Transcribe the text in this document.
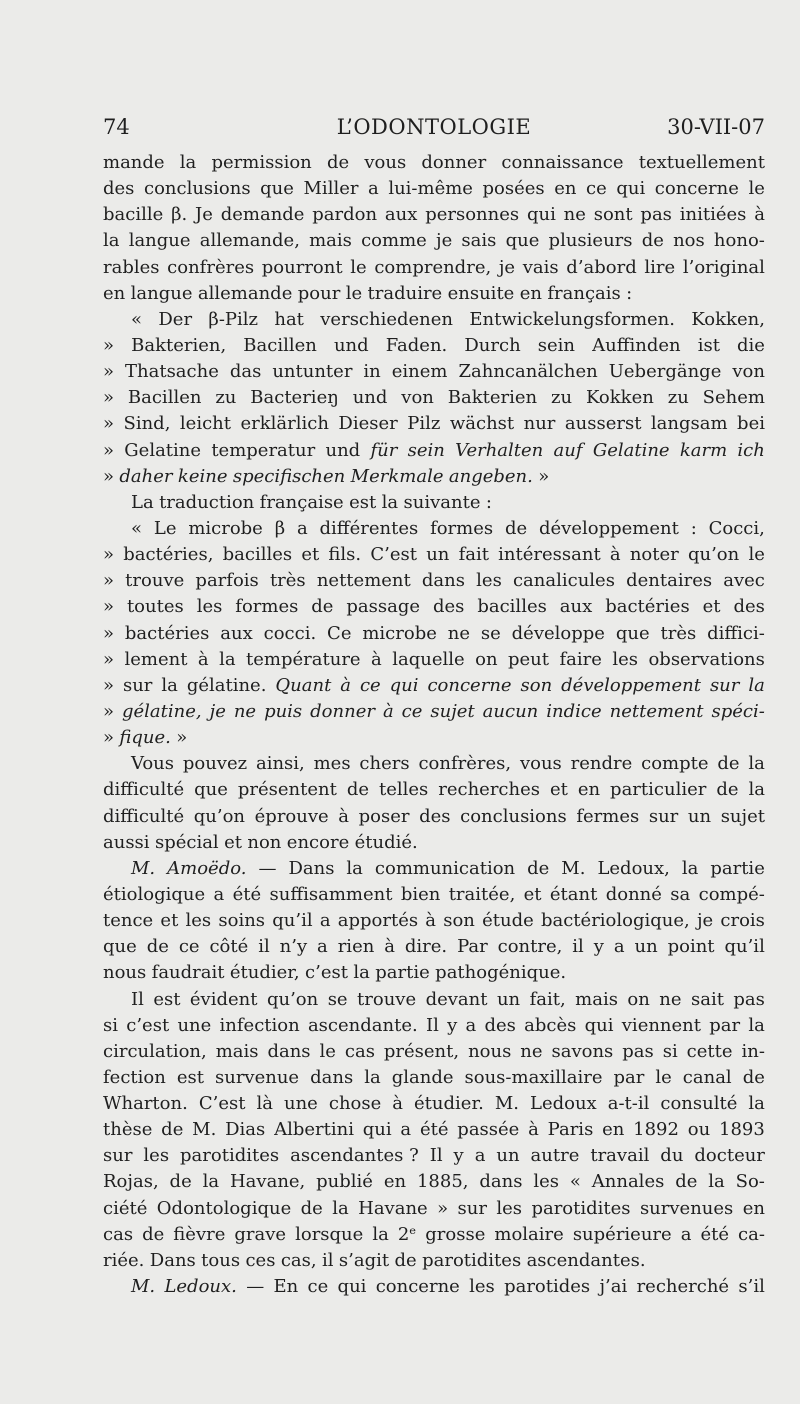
74	L’ODONTOLOGIE	30-VII-07
mande la permission de vous donner connaissance textuellement
des conclusions que Miller a lui-même posées en ce qui concerne le
bacille β. Je demande pardon aux personnes qui ne sont pas initiées à
la langue allemande, mais comme je sais que plusieurs de nos hono-
rables confrères pourront le comprendre, je vais d’abord lire l’original
en langue allemande pour le traduire ensuite en français :
« Der β-Pilz hat verschiedenen Entwickelungsformen. Kokken,
» Bakterien, Bacillen und Faden. Durch sein Auffinden ist die
» Thatsache das untunter in einem Zahncanälchen Uebergänge von
» Bacillen zu Bacterieŋ und von Bakterien zu Kokken zu Sehem
» Sind, leicht erklärlich Dieser Pilz wächst nur ausserst langsam bei
» Gelatine temperatur und für sein Verhalten auf Gelatine karm ich
» daher keine specifischen Merkmale angeben. »
La traduction française est la suivante :
« Le microbe β a différentes formes de développement : Cocci,
» bactéries, bacilles et fils. C’est un fait intéressant à noter qu’on le
» trouve parfois très nettement dans les canalicules dentaires avec
» toutes les formes de passage des bacilles aux bactéries et des
» bactéries aux cocci. Ce microbe ne se développe que très diffici-
» lement à la température à laquelle on peut faire les observations
» sur la gélatine. Quant à ce qui concerne son développement sur la
» gélatine, je ne puis donner à ce sujet aucun indice nettement spéci-
» fique. »
Vous pouvez ainsi, mes chers confrères, vous rendre compte de la
difficulté que présentent de telles recherches et en particulier de la
difficulté qu’on éprouve à poser des conclusions fermes sur un sujet
aussi spécial et non encore étudié.
M. Amoëdo. — Dans la communication de M. Ledoux, la partie
étiologique a été suffisamment bien traitée, et étant donné sa compé-
tence et les soins qu’il a apportés à son étude bactériologique, je crois
que de ce côté il n’y a rien à dire. Par contre, il y a un point qu’il
nous faudrait étudier, c’est la partie pathogénique.
Il est évident qu’on se trouve devant un fait, mais on ne sait pas
si c’est une infection ascendante. Il y a des abcès qui viennent par la
circulation, mais dans le cas présent, nous ne savons pas si cette in-
fection est survenue dans la glande sous-maxillaire par le canal de
Wharton. C’est là une chose à étudier. M. Ledoux a-t-il consulté la
thèse de M. Dias Albertini qui a été passée à Paris en 1892 ou 1893
sur les parotidites ascendantes ? Il y a un autre travail du docteur
Rojas, de la Havane, publié en 1885, dans les « Annales de la So-
ciété Odontologique de la Havane » sur les parotidites survenues en
cas de fièvre grave lorsque la 2ᵉ grosse molaire supérieure a été ca-
riée. Dans tous ces cas, il s’agit de parotidites ascendantes.
M. Ledoux. — En ce qui concerne les parotides j’ai recherché s’il
